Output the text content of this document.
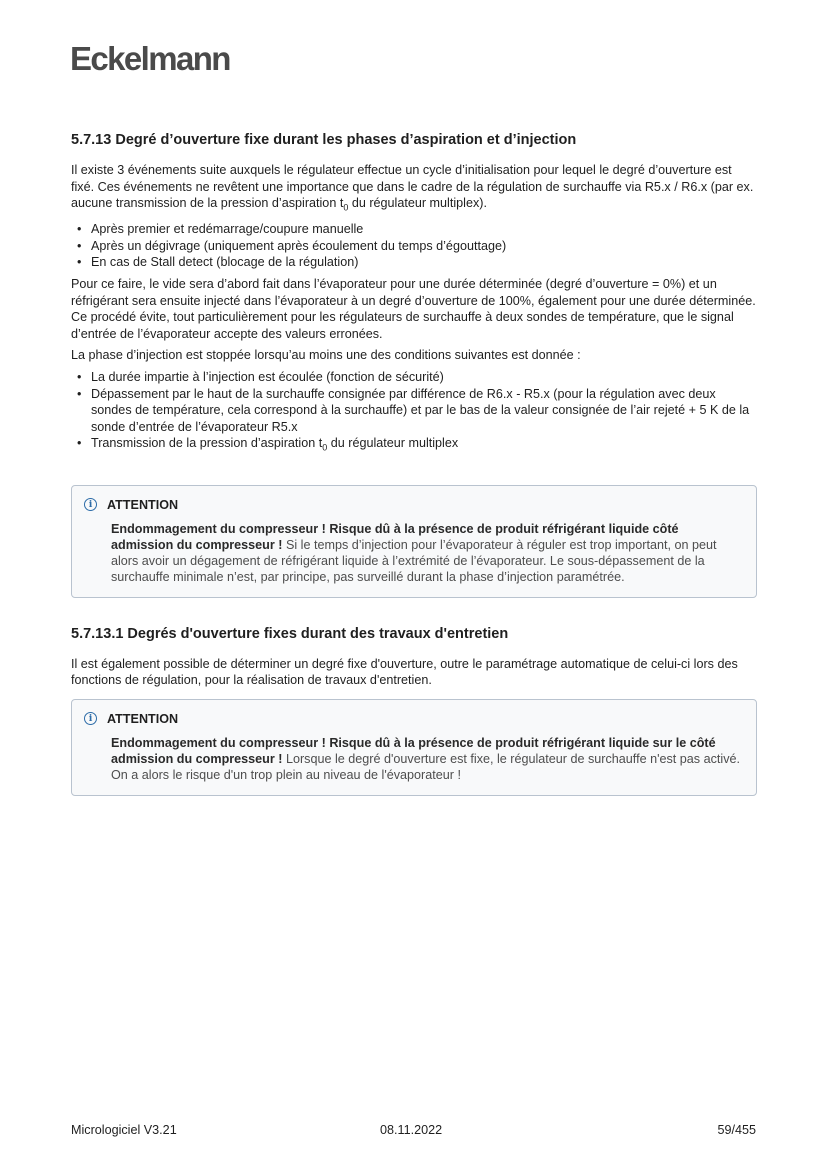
Eckelmann
5.7.13 Degré d’ouverture fixe durant les phases d’aspiration et d’injection

Il existe 3 événements suite auxquels le régulateur effectue un cycle d’initialisation pour lequel le degré d’ouverture est fixé. Ces événements ne revêtent une importance que dans le cadre de la régulation de surchauffe via R5.x / R6.x (par ex. aucune transmission de la pression d’aspiration $t_0$ du régulateur multiplex).

• Après premier et redémarrage/coupure manuelle
• Après un dégivrage (uniquement après écoulement du temps d’égouttage)
• En cas de Stall detect (blocage de la régulation)

Pour ce faire, le vide sera d’abord fait dans l’évaporateur pour une durée déterminée (degré d’ouverture = 0%) et un réfrigérant sera ensuite injecté dans l’évaporateur à un degré d’ouverture de 100%, également pour une durée déterminée. Ce procédé évite, tout particulièrement pour les régulateurs de surchauffe à deux sondes de température, que le signal d’entrée de l’évaporateur accepte des valeurs erronées.

La phase d’injection est stoppée lorsqu’au moins une des conditions suivantes est donnée :

• La durée impartie à l’injection est écoulée (fonction de sécurité)
• Dépassement par le haut de la surchauffe consignée par différence de R6.x - R5.x (pour la régulation avec deux sondes de température, cela correspond à la surchauffe) et par le bas de la valeur consignée de l’air rejeté + 5 K de la sonde d’entrée de l’évaporateur R5.x
• Transmission de la pression d’aspiration $t_0$ du régulateur multiplex
i	ATTENTION
Endommagement du compresseur ! Risque dû à la présence de produit réfrigérant liquide côté admission du compresseur ! Si le temps d’injection pour l’évaporateur à réguler est trop important, on peut alors avoir un dégagement de réfrigérant liquide à l’extrémité de l’évaporateur. Le sous-dépassement de la surchauffe minimale n’est, par principe, pas surveillé durant la phase d’injection paramétrée.
5.7.13.1 Degrés d'ouverture fixes durant des travaux d'entretien

Il est également possible de déterminer un degré fixe d'ouverture, outre le paramétrage automatique de celui-ci lors des fonctions de régulation, pour la réalisation de travaux d'entretien.

i	ATTENTION
Endommagement du compresseur ! Risque dû à la présence de produit réfrigérant liquide sur le côté admission du compresseur ! Lorsque le degré d'ouverture est fixe, le régulateur de surchauffe n'est pas activé. On a alors le risque d'un trop plein au niveau de l'évaporateur !
Micrologiciel V3.21	08.11.2022	59/455
